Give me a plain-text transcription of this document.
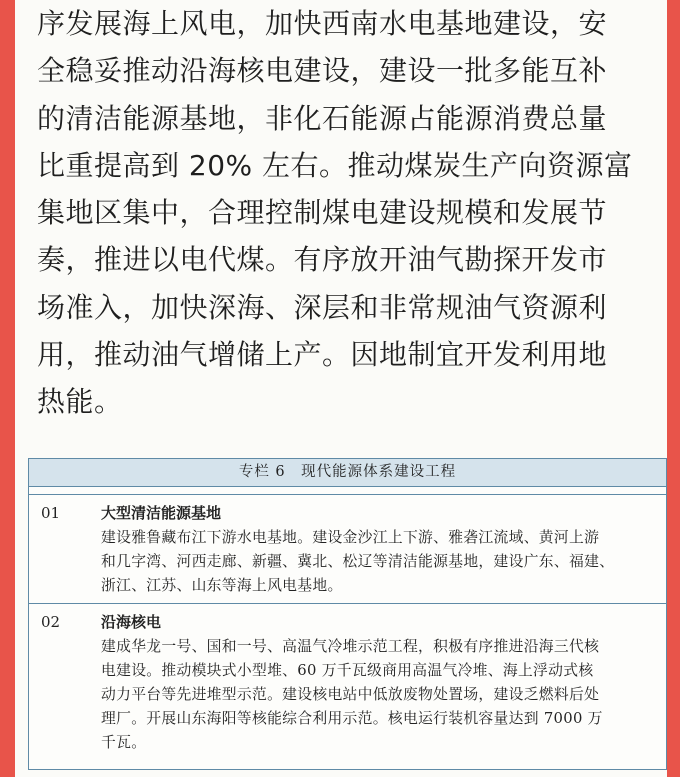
序发展海上风电，加快西南水电基地建设，安
全稳妥推动沿海核电建设，建设一批多能互补
的清洁能源基地，非化石能源占能源消费总量
比重提高到 20% 左右。推动煤炭生产向资源富
集地区集中，合理控制煤电建设规模和发展节
奏，推进以电代煤。有序放开油气勘探开发市
场准入，加快深海、深层和非常规油气资源利
用，推动油气增储上产。因地制宜开发利用地
热能。
专栏 6　现代能源体系建设工程
01	大型清洁能源基地
建设雅鲁藏布江下游水电基地。建设金沙江上下游、雅砻江流域、黄河上游
和几字湾、河西走廊、新疆、冀北、松辽等清洁能源基地，建设广东、福建、
浙江、江苏、山东等海上风电基地。
02	沿海核电
建成华龙一号、国和一号、高温气冷堆示范工程，积极有序推进沿海三代核
电建设。推动模块式小型堆、60 万千瓦级商用高温气冷堆、海上浮动式核
动力平台等先进堆型示范。建设核电站中低放废物处置场，建设乏燃料后处
理厂。开展山东海阳等核能综合利用示范。核电运行装机容量达到 7000 万
千瓦。
